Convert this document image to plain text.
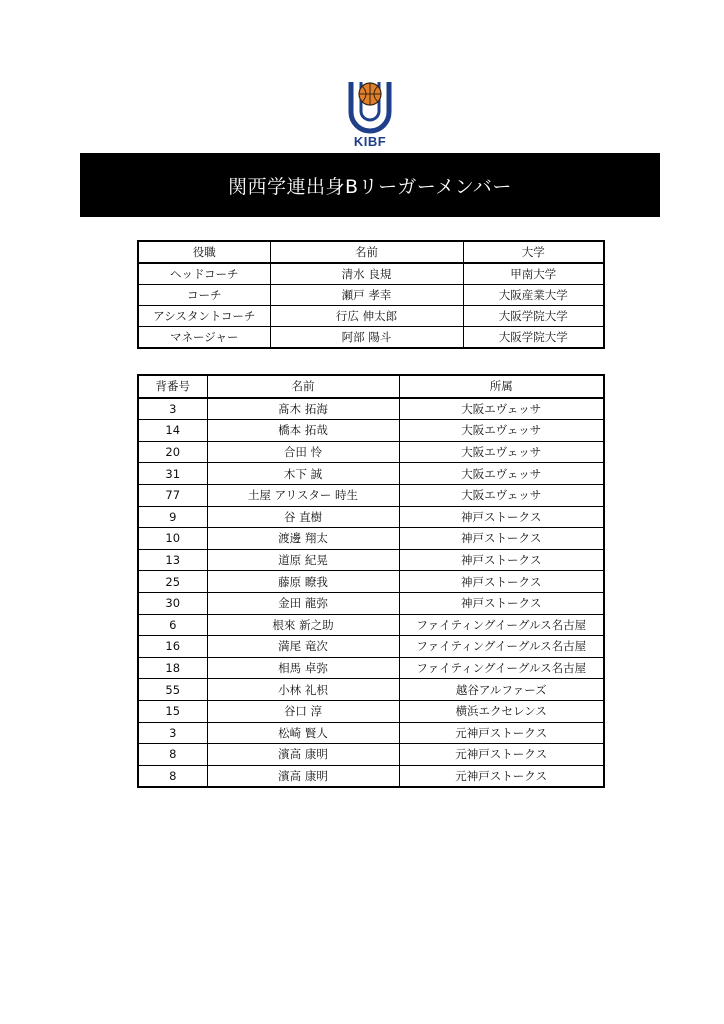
KIBF
関西学連出身Bリーガーメンバー
役職	名前	大学
ヘッドコーチ	清水 良規	甲南大学
コーチ	瀬戸 孝幸	大阪産業大学
アシスタントコーチ	行広 伸太郎	大阪学院大学
マネージャー	阿部 陽斗	大阪学院大学
背番号	名前	所属
3	髙木 拓海	大阪エヴェッサ
14	橋本 拓哉	大阪エヴェッサ
20	合田 怜	大阪エヴェッサ
31	木下 誠	大阪エヴェッサ
77	土屋 アリスター 時生	大阪エヴェッサ
9	谷 直樹	神戸ストークス
10	渡邊 翔太	神戸ストークス
13	道原 紀晃	神戸ストークス
25	藤原 瞭我	神戸ストークス
30	金田 龍弥	神戸ストークス
6	根來 新之助	ファイティングイーグルス名古屋
16	満尾 竜次	ファイティングイーグルス名古屋
18	相馬 卓弥	ファイティングイーグルス名古屋
55	小林 礼枳	越谷アルファーズ
15	谷口 淳	横浜エクセレンス
3	松崎 賢人	元神戸ストークス
8	濱高 康明	元神戸ストークス
8	濱高 康明	元神戸ストークス
